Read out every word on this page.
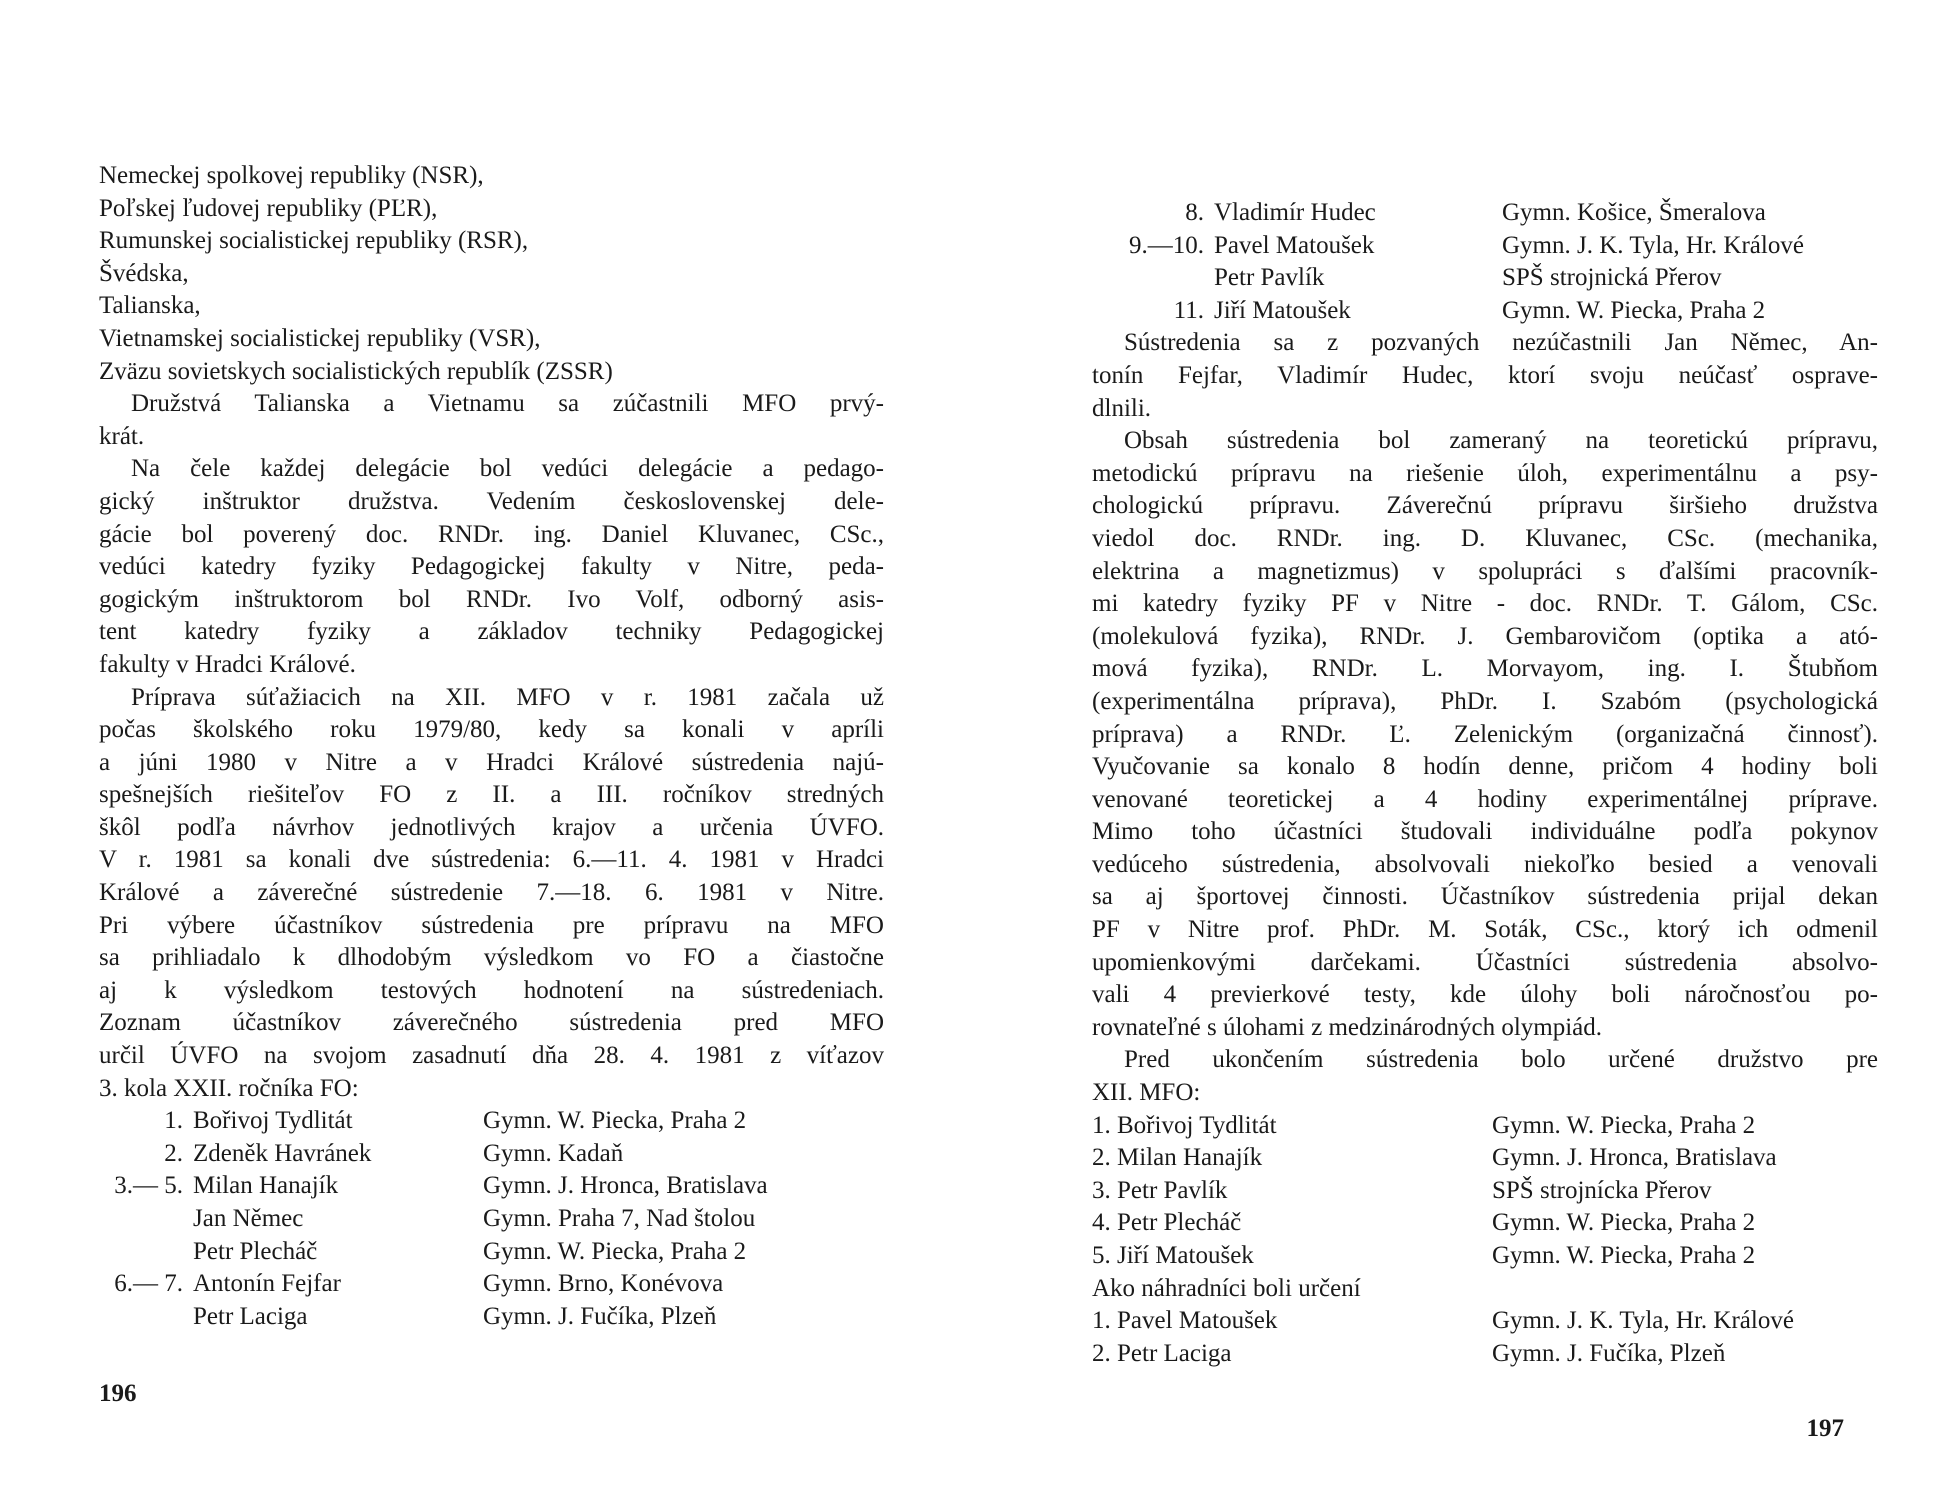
Nemeckej spolkovej republiky (NSR),
Poľskej ľudovej republiky (PĽR),
Rumunskej socialistickej republiky (RSR),
Švédska,
Talianska,
Vietnamskej socialistickej republiky (VSR),
Zväzu sovietskych socialistických republík (ZSSR)
Družstvá Talianska a Vietnamu sa zúčastnili MFO prvý-
krát.
Na čele každej delegácie bol vedúci delegácie a pedago-
gický inštruktor družstva. Vedením československej dele-
gácie bol poverený doc. RNDr. ing. Daniel Kluvanec, CSc.,
vedúci katedry fyziky Pedagogickej fakulty v Nitre, peda-
gogickým inštruktorom bol RNDr. Ivo Volf, odborný asis-
tent katedry fyziky a základov techniky Pedagogickej
fakulty v Hradci Králové.
Príprava súťažiacich na XII. MFO v r. 1981 začala už
počas školského roku 1979/80, kedy sa konali v apríli
a júni 1980 v Nitre a v Hradci Králové sústredenia najú-
spešnejších riešiteľov FO z II. a III. ročníkov stredných
škôl podľa návrhov jednotlivých krajov a určenia ÚVFO.
V r. 1981 sa konali dve sústredenia: 6.—11. 4. 1981 v Hradci
Králové a záverečné sústredenie 7.—18. 6. 1981 v Nitre.
Pri výbere účastníkov sústredenia pre prípravu na MFO
sa prihliadalo k dlhodobým výsledkom vo FO a čiastočne
aj k výsledkom testových hodnotení na sústredeniach.
Zoznam účastníkov záverečného sústredenia pred MFO
určil ÚVFO na svojom zasadnutí dňa 28. 4. 1981 z víťazov
3. kola XXII. ročníka FO:
1. Bořivoj Tydlitát	Gymn. W. Piecka, Praha 2
2. Zdeněk Havránek	Gymn. Kadaň
3.— 5. Milan Hanajík	Gymn. J. Hronca, Bratislava
Jan Němec	Gymn. Praha 7, Nad štolou
Petr Plecháč	Gymn. W. Piecka, Praha 2
6.— 7. Antonín Fejfar	Gymn. Brno, Konévova
Petr Laciga	Gymn. J. Fučíka, Plzeň
196
8. Vladimír Hudec	Gymn. Košice, Šmeralova
9.—10. Pavel Matoušek	Gymn. J. K. Tyla, Hr. Králové
Petr Pavlík	SPŠ strojnická Přerov
11. Jiří Matoušek	Gymn. W. Piecka, Praha 2
Sústredenia sa z pozvaných nezúčastnili Jan Němec, An-
tonín Fejfar, Vladimír Hudec, ktorí svoju neúčasť ospravе-
dlnili.
Obsah sústredenia bol zameraný na teoretickú prípravu,
metodickú prípravu na riešenie úloh, experimentálnu a psy-
chologickú prípravu. Záverečnú prípravu širšieho družstva
viedol doc. RNDr. ing. D. Kluvanec, CSc. (mechanika,
elektrina a magnetizmus) v spolupráci s ďalšími pracovník-
mi katedry fyziky PF v Nitre - doc. RNDr. T. Gálom, CSc.
(molekulová fyzika), RNDr. J. Gembarovičom (optika a ató-
mová fyzika), RNDr. L. Morvayom, ing. I. Štubňom
(experimentálna príprava), PhDr. I. Szabóm (psychologická
príprava) a RNDr. Ľ. Zelenickým (organizačná činnosť).
Vyučovanie sa konalo 8 hodín denne, pričom 4 hodiny boli
venované teoretickej a 4 hodiny experimentálnej príprave.
Mimo toho účastníci študovali individuálne podľa pokynov
vedúceho sústredenia, absolvovali niekoľko besied a venovali
sa aj športovej činnosti. Účastníkov sústredenia prijal dekan
PF v Nitre prof. PhDr. M. Soták, CSc., ktorý ich odmenil
upomienkovými darčekami. Účastníci sústredenia absolvo-
vali 4 previerkové testy, kde úlohy boli náročnosťou po-
rovnateľné s úlohami z medzinárodných olympiád.
Pred ukončením sústredenia bolo určené družstvo pre
XII. MFO:
1. Bořivoj Tydlitát	Gymn. W. Piecka, Praha 2
2. Milan Hanajík	Gymn. J. Hronca, Bratislava
3. Petr Pavlík	SPŠ strojnícka Přerov
4. Petr Plecháč	Gymn. W. Piecka, Praha 2
5. Jiří Matoušek	Gymn. W. Piecka, Praha 2
Ako náhradníci boli určení
1. Pavel Matoušek	Gymn. J. K. Tyla, Hr. Králové
2. Petr Laciga	Gymn. J. Fučíka, Plzeň
197
